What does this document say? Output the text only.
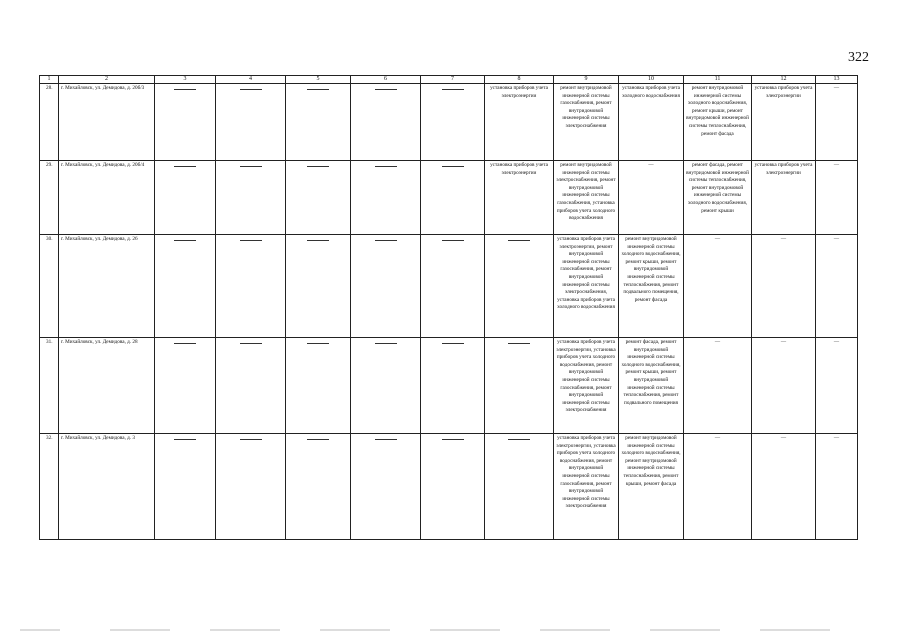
322
1	2	3	4	5	6	7	8	9	10	11	12	13
28.	г. Михайловск, ул. Демидова, д. 20б/3						установка приборов учета электроэнергии	ремонт внутридомовой инженерной системы газоснабжения, ремонт внутридомовой инженерной системы электроснабжения	установка приборов учета холодного водоснабжения	ремонт внутридомовой инженерной системы холодного водоснабжения, ремонт крыши, ремонт внутридомовой инженерной системы теплоснабжения, ремонт фасада	установка приборов учета электроэнергии	—
29.	г. Михайловск, ул. Демидова, д. 20б/4						установка приборов учета электроэнергии	ремонт внутридомовой инженерной системы электроснабжения, ремонт внутридомовой инженерной системы газоснабжения, установка приборов учета холодного водоснабжения	—	ремонт фасада, ремонт внутридомовой инженерной системы теплоснабжения, ремонт внутридомовой инженерной системы холодного водоснабжения, ремонт крыши	установка приборов учета электроэнергии	—
30.	г. Михайловск, ул. Демидова, д. 26							установка приборов учета электроэнергии, ремонт внутридомовой инженерной системы газоснабжения, ремонт внутридомовой инженерной системы электроснабжения, установка приборов учета холодного водоснабжения	ремонт внутридомовой инженерной системы холодного водоснабжения, ремонт крыши, ремонт внутридомовой инженерной системы теплоснабжения, ремонт подвального помещения, ремонт фасада	—	—	—
31.	г. Михайловск, ул. Демидова, д. 28							установка приборов учета электроэнергии, установка приборов учета холодного водоснабжения, ремонт внутридомовой инженерной системы газоснабжения, ремонт внутридомовой инженерной системы электроснабжения	ремонт фасада, ремонт внутридомовой инженерной системы холодного водоснабжения, ремонт крыши, ремонт внутридомовой инженерной системы теплоснабжения, ремонт подвального помещения	—	—	—
32.	г. Михайловск, ул. Демидова, д. 3							установка приборов учета электроэнергии, установка приборов учета холодного водоснабжения, ремонт внутридомовой инженерной системы газоснабжения, ремонт внутридомовой инженерной системы электроснабжения	ремонт внутридомовой инженерной системы холодного водоснабжения, ремонт внутридомовой инженерной системы теплоснабжения, ремонт крыши, ремонт фасада	—	—	—
